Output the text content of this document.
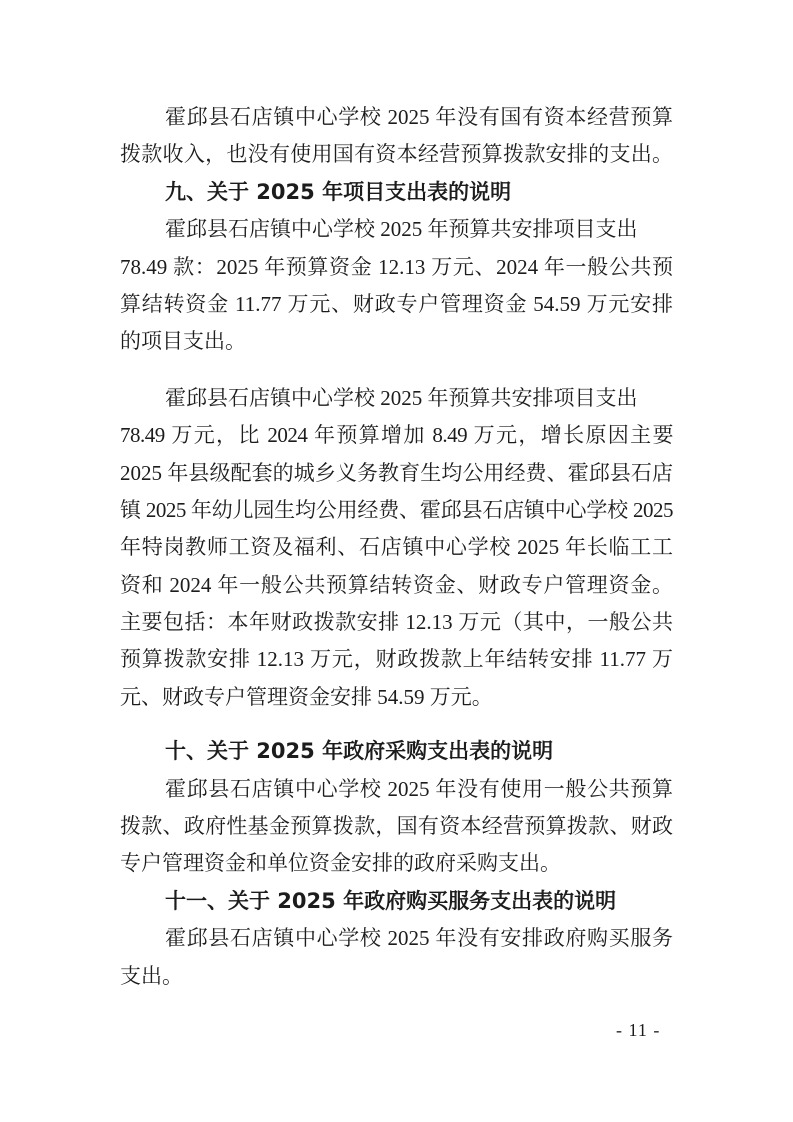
霍邱县石店镇中心学校 2025 年没有国有资本经营预算
拨款收入，也没有使用国有资本经营预算拨款安排的支出。
九、关于 2025 年项目支出表的说明
霍邱县石店镇中心学校 2025 年预算共安排项目支出
78.49 款：2025 年预算资金 12.13 万元、2024 年一般公共预
算结转资金 11.77 万元、财政专户管理资金 54.59 万元安排
的项目支出。
霍邱县石店镇中心学校 2025 年预算共安排项目支出
78.49 万元，比 2024 年预算增加 8.49 万元，增长原因主要
2025 年县级配套的城乡义务教育生均公用经费、霍邱县石店
镇 2025 年幼儿园生均公用经费、霍邱县石店镇中心学校 2025
年特岗教师工资及福利、石店镇中心学校 2025 年长临工工
资和 2024 年一般公共预算结转资金、财政专户管理资金。
主要包括：本年财政拨款安排 12.13 万元（其中，一般公共
预算拨款安排 12.13 万元，财政拨款上年结转安排 11.77 万
元、财政专户管理资金安排 54.59 万元。
十、关于 2025 年政府采购支出表的说明
霍邱县石店镇中心学校 2025 年没有使用一般公共预算
拨款、政府性基金预算拨款，国有资本经营预算拨款、财政
专户管理资金和单位资金安排的政府采购支出。
十一、关于 2025 年政府购买服务支出表的说明
霍邱县石店镇中心学校 2025 年没有安排政府购买服务
支出。
- 11 -
